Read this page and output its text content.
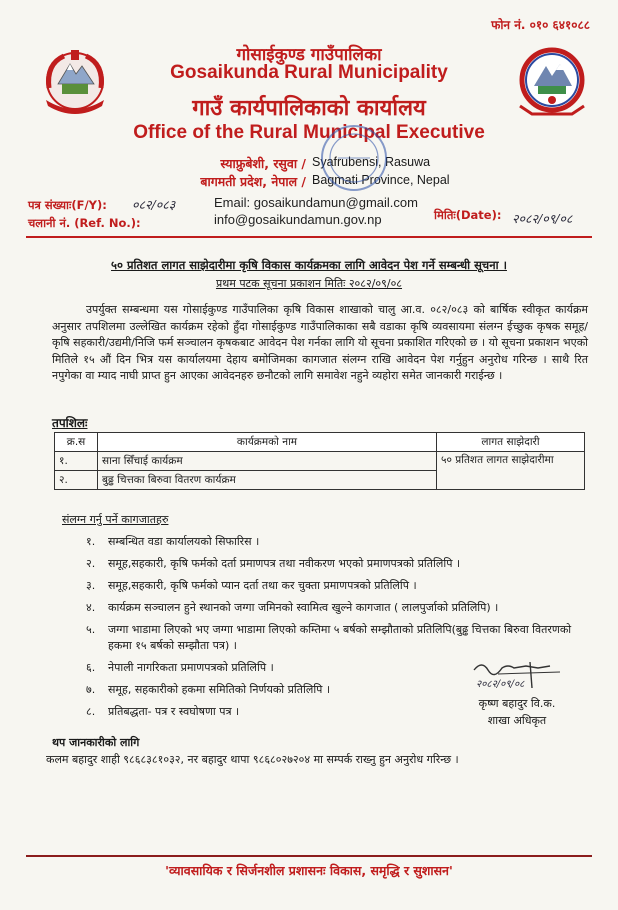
फोन नं. ०१० ६४१०८८
गोसाईकुण्ड गाउँपालिका
Gosaikunda Rural Municipality
गाउँ कार्यपालिकाको कार्यालय
Office of the Rural Municipal Executive
स्याफ्रुबेशी, रसुवा / Syafrubensi, Rasuwa
बागमती प्रदेश, नेपाल / Bagmati Province, Nepal
पत्र संख्याः(F/Y): ०८२/०८३
चलानी नं. (Ref. No.):
Email: gosaikundamun@gmail.com
info@gosaikundamun.gov.np	मितिः(Date): २०८२/०९/०८
५० प्रतिशत लागत साझेदारीमा कृषि विकास कार्यक्रमका लागि आवेदन पेश गर्ने सम्बन्धी सूचना ।
प्रथम पटक सूचना प्रकाशन मितिः २०८२/०९/०८
उपर्युक्त सम्बन्धमा यस गोसाईकुण्ड गाउँपालिका कृषि विकास शाखाको चालु आ.व. ०८२/०८३ को बार्षिक स्वीकृत कार्यक्रम अनुसार तपशिलमा उल्लेखित कार्यक्रम रहेको हुँदा गोसाईकुण्ड गाउँपालिकाका सबै वडाका कृषि व्यवसायमा संलग्न ईच्छुक कृषक समूह/कृषि सहकारी/उद्यमी/निजि फर्म सञ्चालन कृषकबाट आवेदन पेश गर्नका लागि यो सूचना प्रकाशित गरिएको छ । यो सूचना प्रकाशन भएको मितिले १५ औं दिन भित्र यस कार्यालयमा देहाय बमोजिमका कागजात संलग्न राखि आवेदन पेश गर्नुहुन अनुरोध गरिन्छ । साथै रित नपुगेका वा म्याद नाघी प्राप्त हुन आएका आवेदनहरु छनौटको लागि समावेश नहुने व्यहोरा समेत जानकारी गराईन्छ ।
तपशिलः
क्र.स	कार्यक्रमको नाम	लागत साझेदारी
१.	साना सिँचाई कार्यक्रम	५० प्रतिशत लागत साझेदारीमा
२.	बुढ्ढ चित्तका बिरुवा वितरण कार्यक्रम	
संलग्न गर्नु पर्ने कागजातहरु
१.	सम्बन्धित वडा कार्यालयको सिफारिस ।
२.	समूह,सहकारी, कृषि फर्मको दर्ता प्रमाणपत्र तथा नवीकरण भएको प्रमाणपत्रको प्रतिलिपि ।
३.	समूह,सहकारी, कृषि फर्मको प्यान दर्ता तथा कर चुक्ता प्रमाणपत्रको प्रतिलिपि ।
४.	कार्यक्रम सञ्चालन हुने स्थानको जग्गा जमिनको स्वामित्व खुल्ने कागजात ( लालपुर्जाको प्रतिलिपि) ।
५.	जग्गा भाडामा लिएको भए जग्गा भाडामा लिएको कम्तिमा ५ बर्षको सम्झौताको प्रतिलिपि(बुढ्ढ चित्तका बिरुवा वितरणको हकमा १५ बर्षको सम्झौता पत्र) ।
६.	नेपाली नागरिकता प्रमाणपत्रको प्रतिलिपि ।
७.	समूह, सहकारीको हकमा समितिको निर्णयको प्रतिलिपि ।
८.	प्रतिबद्धता- पत्र र स्वघोषणा पत्र ।
२०८२/०९/०८
कृष्ण बहादुर वि.क.
शाखा अधिकृत
थप जानकारीको लागि
कलम बहादुर शाही ९८६८३८१०३२, नर बहादुर थापा ९८६८०२७२०४ मा सम्पर्क राख्नु हुन अनुरोध गरिन्छ ।
'व्यावसायिक र सिर्जनशील प्रशासनः विकास, समृद्धि र सुशासन'
